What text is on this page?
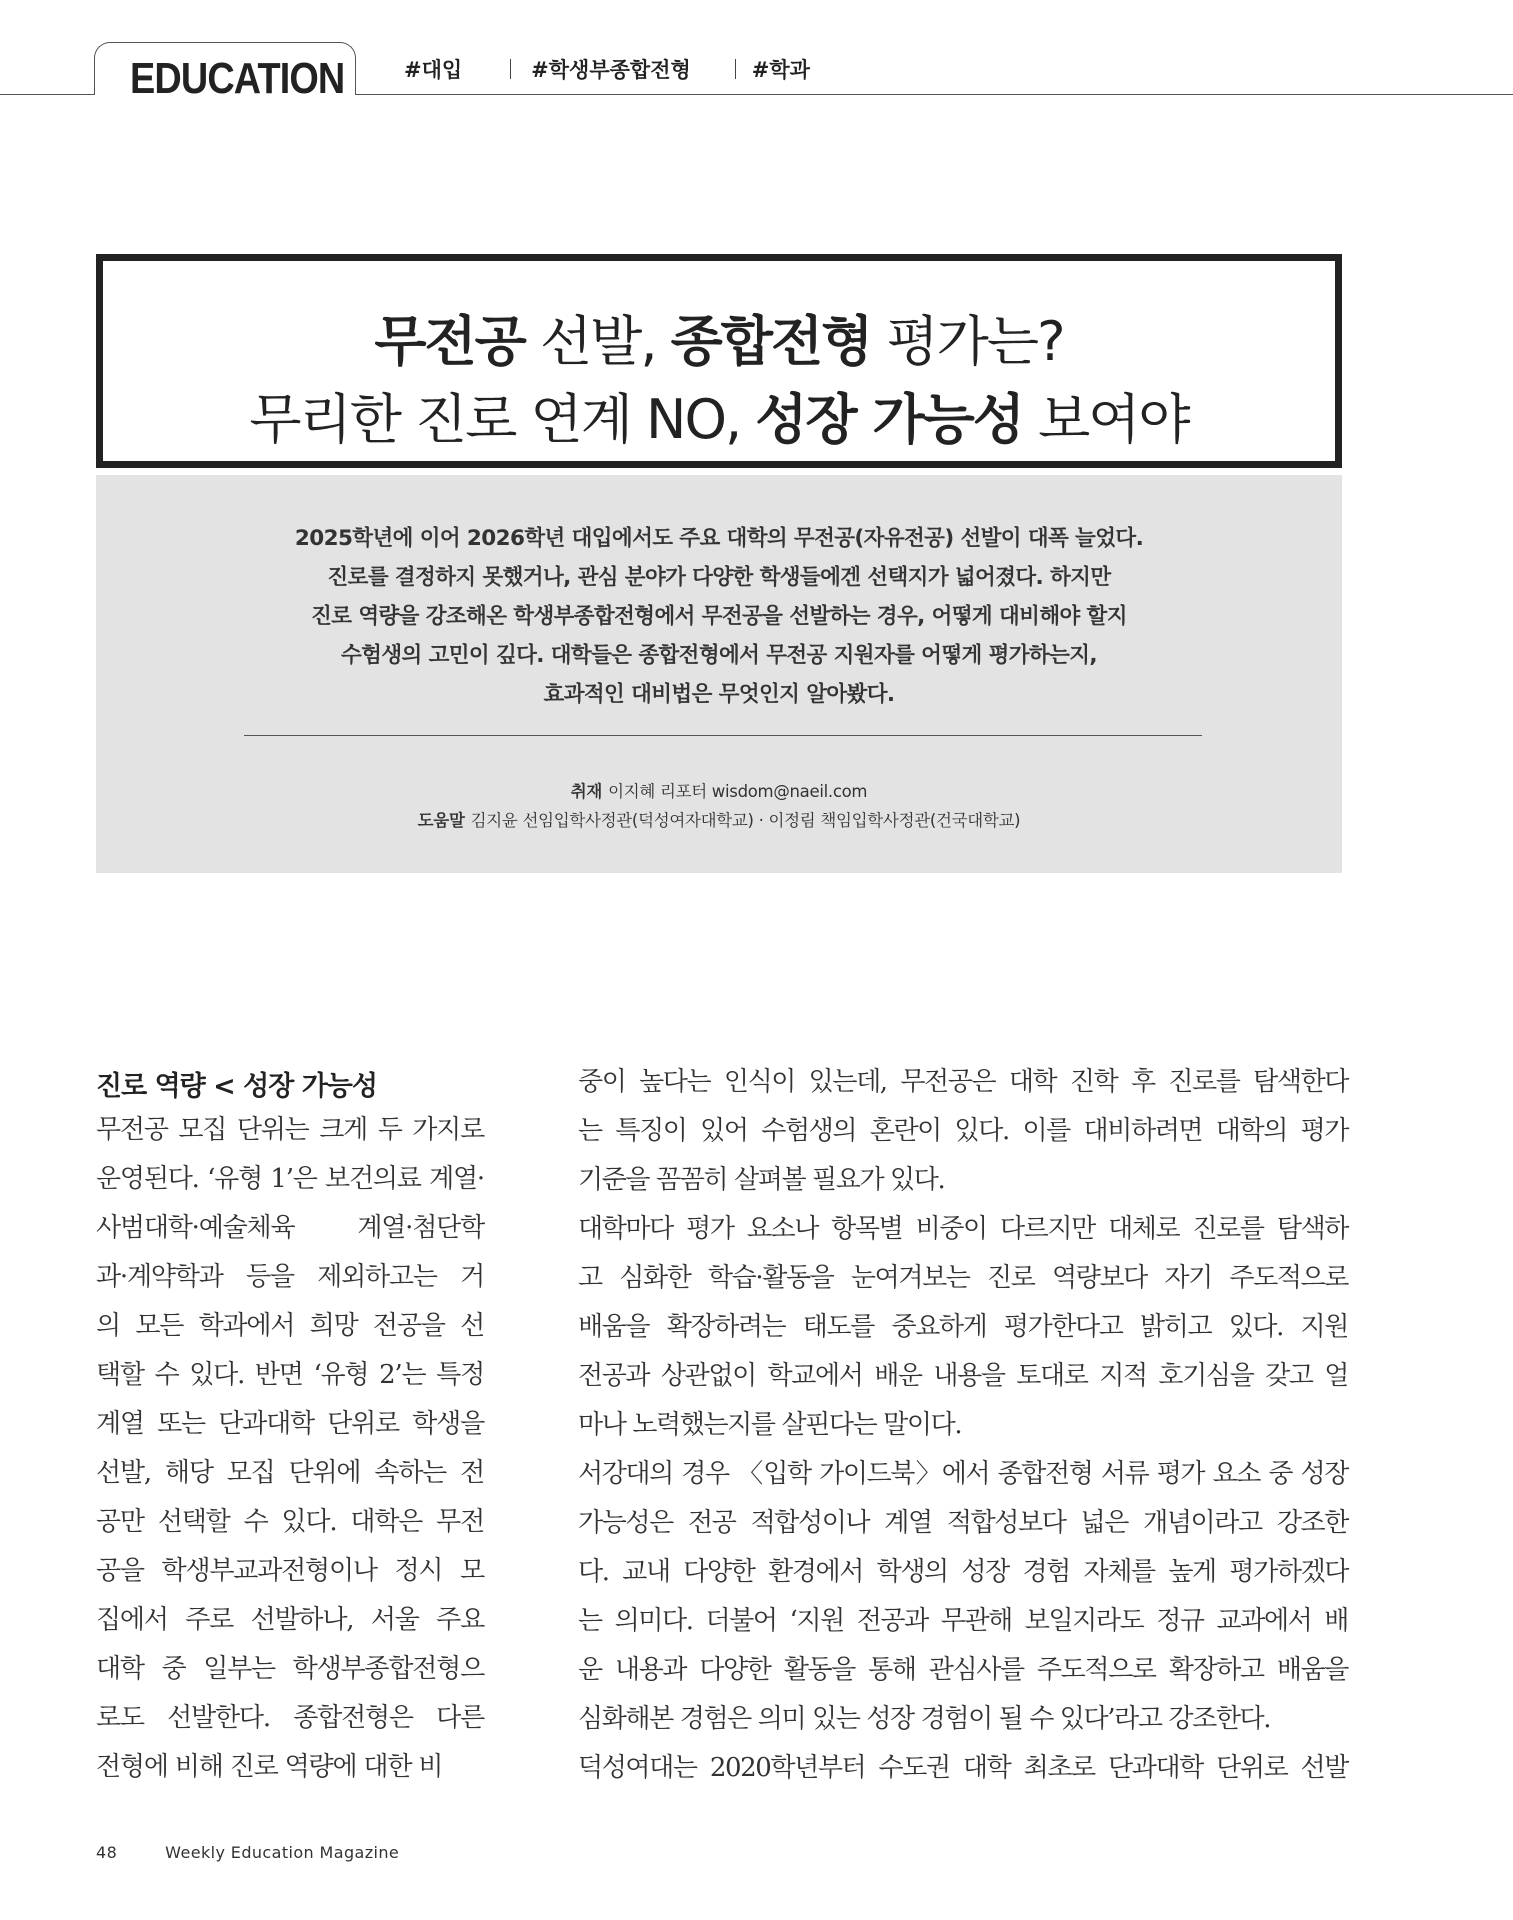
EDUCATION	#대입	#학생부종합전형	#학과
무전공 선발, 종합전형 평가는?
무리한 진로 연계 NO, 성장 가능성 보여야
2025학년에 이어 2026학년 대입에서도 주요 대학의 무전공(자유전공) 선발이 대폭 늘었다.
진로를 결정하지 못했거나, 관심 분야가 다양한 학생들에겐 선택지가 넓어졌다. 하지만
진로 역량을 강조해온 학생부종합전형에서 무전공을 선발하는 경우, 어떻게 대비해야 할지
수험생의 고민이 깊다. 대학들은 종합전형에서 무전공 지원자를 어떻게 평가하는지,
효과적인 대비법은 무엇인지 알아봤다.
취재 이지혜 리포터 wisdom@naeil.com
도움말 김지윤 선임입학사정관(덕성여자대학교) · 이정림 책임입학사정관(건국대학교)
진로 역량 < 성장 가능성
무전공 모집 단위는 크게 두 가지로
운영된다. ‘유형 1’은 보건의료 계열·
사범대학·예술체육 계열·첨단학
과·계약학과 등을 제외하고는 거
의 모든 학과에서 희망 전공을 선
택할 수 있다. 반면 ‘유형 2’는 특정
계열 또는 단과대학 단위로 학생을
선발, 해당 모집 단위에 속하는 전
공만 선택할 수 있다. 대학은 무전
공을 학생부교과전형이나 정시 모
집에서 주로 선발하나, 서울 주요
대학 중 일부는 학생부종합전형으
로도 선발한다. 종합전형은 다른
전형에 비해 진로 역량에 대한 비
중이 높다는 인식이 있는데, 무전공은 대학 진학 후 진로를 탐색한다
는 특징이 있어 수험생의 혼란이 있다. 이를 대비하려면 대학의 평가
기준을 꼼꼼히 살펴볼 필요가 있다.
대학마다 평가 요소나 항목별 비중이 다르지만 대체로 진로를 탐색하
고 심화한 학습·활동을 눈여겨보는 진로 역량보다 자기 주도적으로
배움을 확장하려는 태도를 중요하게 평가한다고 밝히고 있다. 지원
전공과 상관없이 학교에서 배운 내용을 토대로 지적 호기심을 갖고 얼
마나 노력했는지를 살핀다는 말이다.
서강대의 경우 〈입학 가이드북〉에서 종합전형 서류 평가 요소 중 성장
가능성은 전공 적합성이나 계열 적합성보다 넓은 개념이라고 강조한
다. 교내 다양한 환경에서 학생의 성장 경험 자체를 높게 평가하겠다
는 의미다. 더불어 ‘지원 전공과 무관해 보일지라도 정규 교과에서 배
운 내용과 다양한 활동을 통해 관심사를 주도적으로 확장하고 배움을
심화해본 경험은 의미 있는 성장 경험이 될 수 있다’라고 강조한다.
덕성여대는 2020학년부터 수도권 대학 최초로 단과대학 단위로 선발
48	Weekly Education Magazine
